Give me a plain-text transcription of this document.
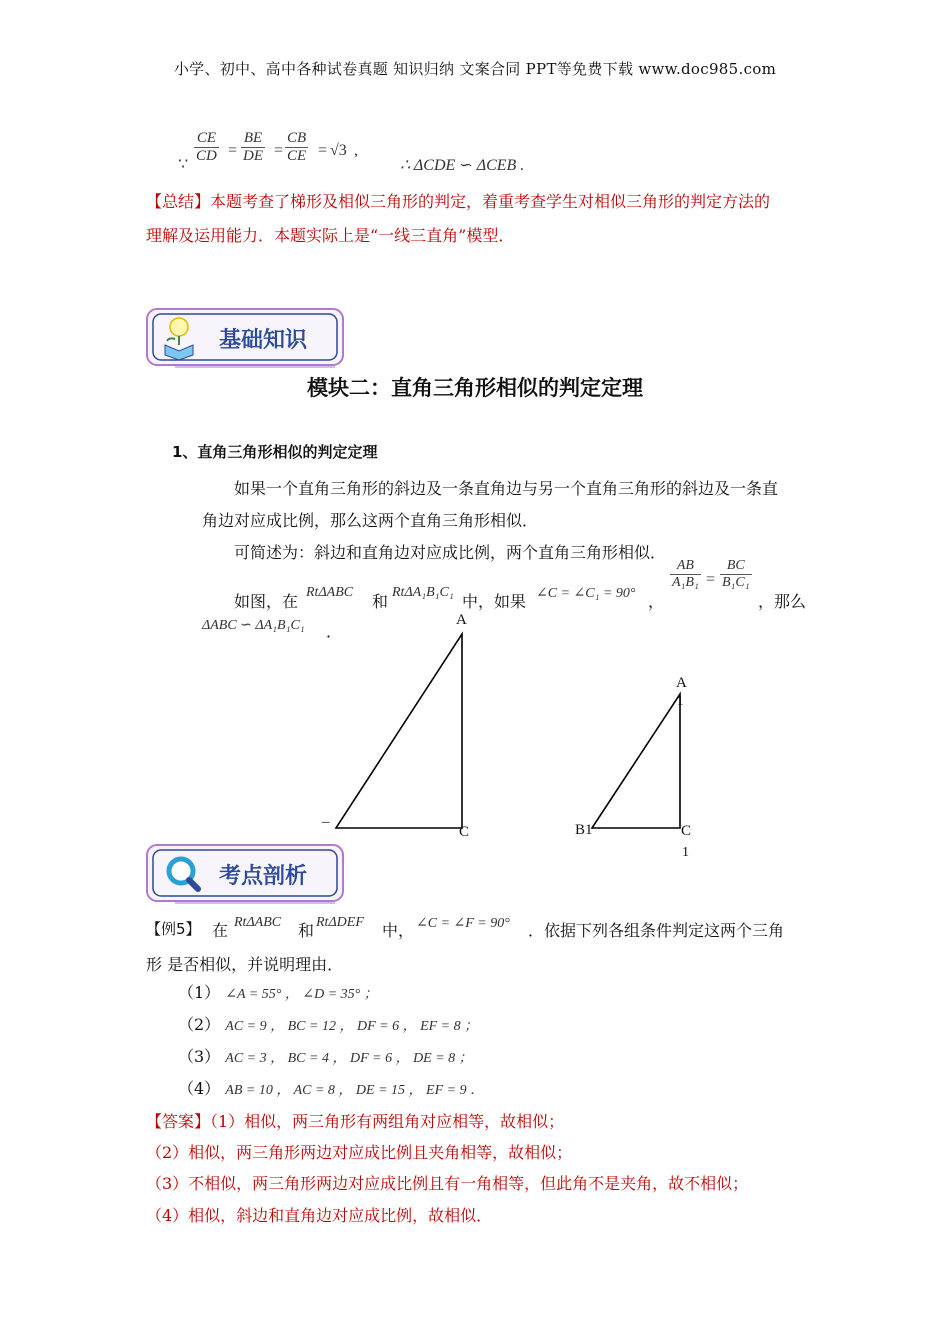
小学、初中、高中各种试卷真题 知识归纳 文案合同 PPT等免费下载 www.doc985.com
∵ $\frac{CE}{CD} = \frac{BE}{DE} = \frac{CB}{CE} = √3$ ,
∴ ΔCDE ∽ ΔCEB .
【总结】本题考查了梯形及相似三角形的判定，着重考查学生对相似三角形的判定方法的
理解及运用能力．本题实际上是“一线三直角”模型．
基础知识
模块二：直角三角形相似的判定定理
1、直角三角形相似的判定定理
如果一个直角三角形的斜边及一条直角边与另一个直角三角形的斜边及一条直
角边对应成比例，那么这两个直角三角形相似．
可简述为：斜边和直角边对应成比例，两个直角三角形相似．
如图，在 RtΔABC 和 RtΔA₁B₁C₁ 中，如果 ∠C = ∠C₁ = 90° ，
$\frac{AB}{\text{A₁B₁}} = \frac{BC}{\text{B₁C₁}}$
，那么
ΔABC ∽ ΔA₁B₁C₁ ．
A
C
–
A
1
B1	C
1
考点剖析
【例5】 在 RtΔABC 和 RtΔDEF 中， ∠C = ∠F = 90° ．依据下列各组条件判定这两个三角
形 是否相似，并说明理由．
（1） ∠A = 55° ， ∠D = 35° ；
（2） AC = 9 ， BC = 12 ， DF = 6 ， EF = 8 ；
（3） AC = 3 ， BC = 4 ， DF = 6 ， DE = 8 ；
（4） AB = 10 ， AC = 8 ， DE = 15 ， EF = 9 ．
【答案】（1）相似，两三角形有两组角对应相等，故相似；
（2）相似，两三角形两边对应成比例且夹角相等，故相似；
（3）不相似，两三角形两边对应成比例且有一角相等，但此角不是夹角，故不相似；
（4）相似，斜边和直角边对应成比例，故相似．
